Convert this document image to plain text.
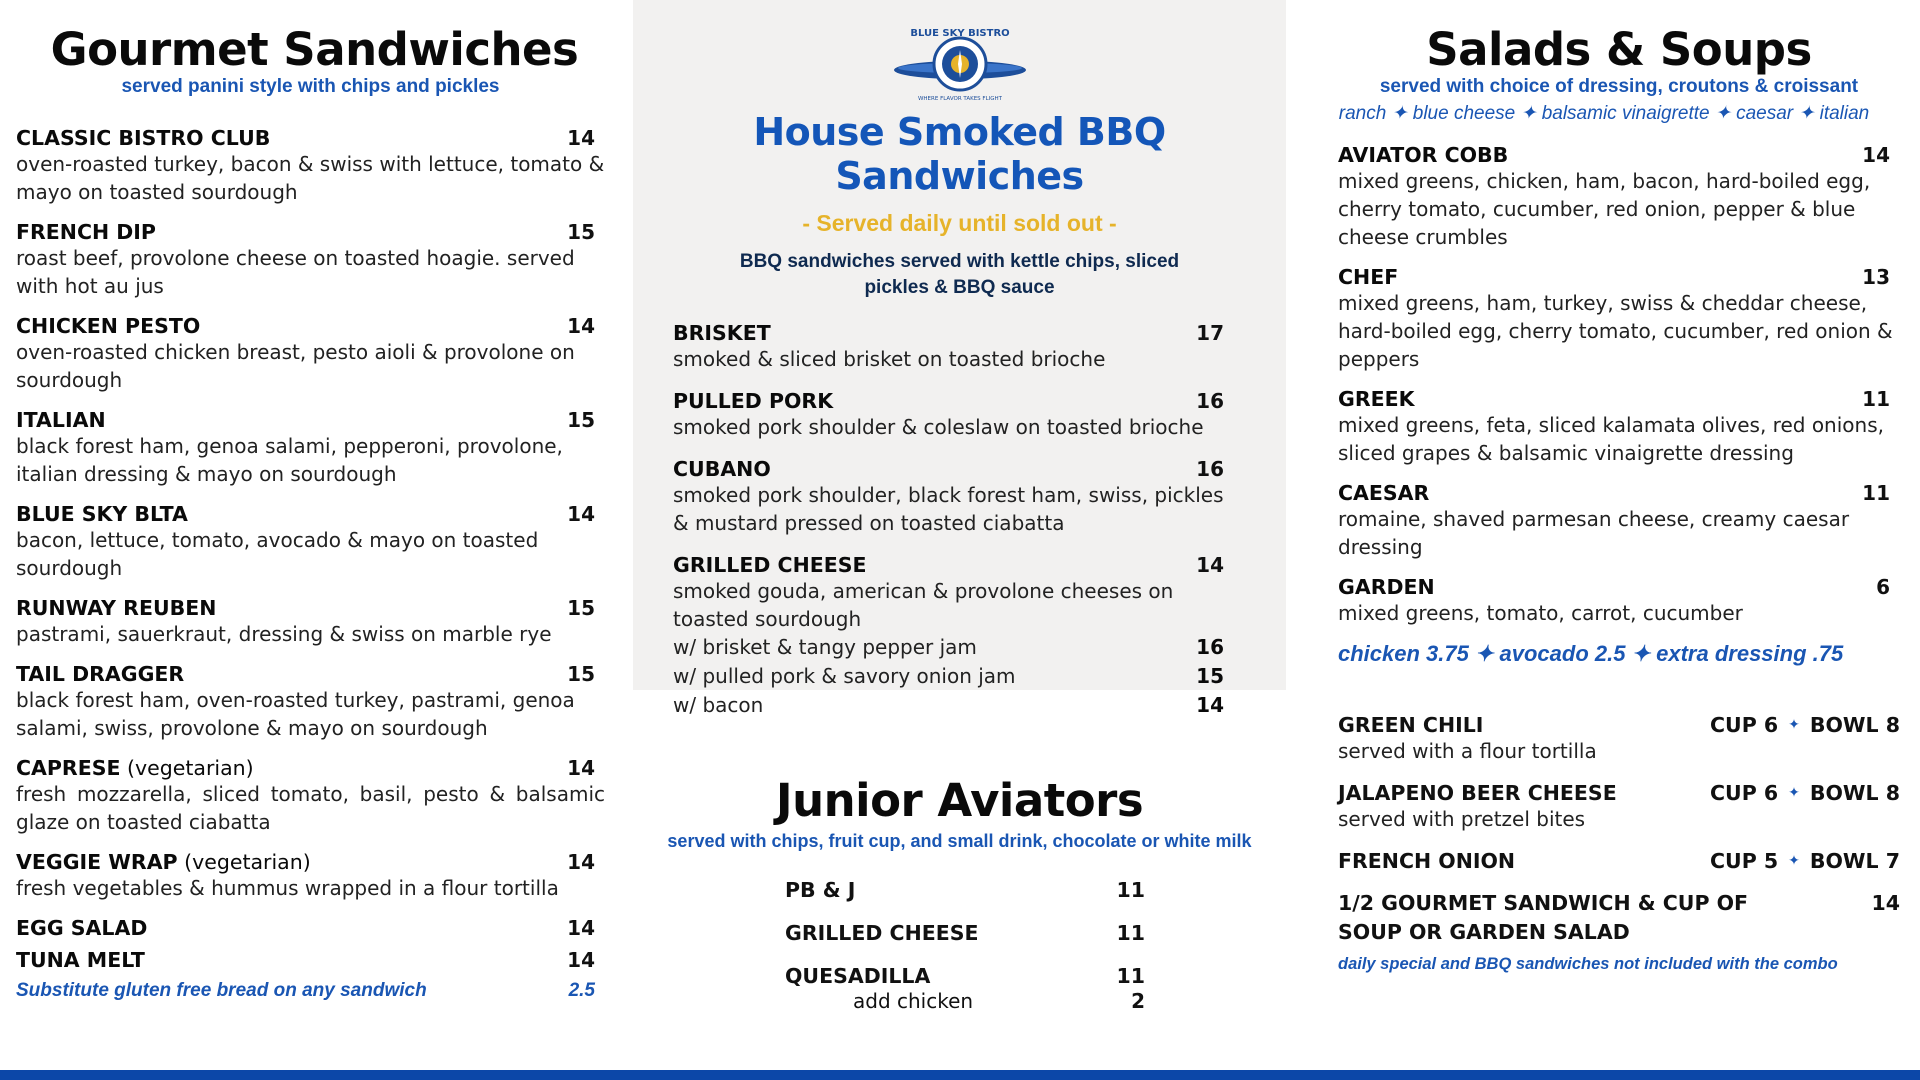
Gourmet Sandwiches
served panini style with chips and pickles
CLASSIC BISTRO CLUB	14
oven-roasted turkey, bacon & swiss with lettuce, tomato & mayo on toasted sourdough
FRENCH DIP	15
roast beef, provolone cheese on toasted hoagie. served with hot au jus
CHICKEN PESTO	14
oven-roasted chicken breast, pesto aioli & provolone on sourdough
ITALIAN	15
black forest ham, genoa salami, pepperoni, provolone, italian dressing & mayo on sourdough
BLUE SKY BLTA	14
bacon, lettuce, tomato, avocado & mayo on toasted sourdough
RUNWAY REUBEN	15
pastrami, sauerkraut, dressing & swiss on marble rye
TAIL DRAGGER	15
black forest ham, oven-roasted turkey, pastrami, genoa salami, swiss, provolone & mayo on sourdough
CAPRESE (vegetarian)	14
fresh mozzarella, sliced tomato, basil, pesto & balsamic glaze on toasted ciabatta
VEGGIE WRAP (vegetarian)	14
fresh vegetables & hummus wrapped in a flour tortilla
EGG SALAD	14
TUNA MELT	14
Substitute gluten free bread on any sandwich	2.5
BLUE SKY BISTRO
WHERE FLAVOR TAKES FLIGHT
House Smoked BBQ Sandwiches
- Served daily until sold out -
BBQ sandwiches served with kettle chips, sliced pickles & BBQ sauce
BRISKET	17
smoked & sliced brisket on toasted brioche
PULLED PORK	16
smoked pork shoulder & coleslaw on toasted brioche
CUBANO	16
smoked pork shoulder, black forest ham, swiss, pickles & mustard pressed on toasted ciabatta
GRILLED CHEESE	14
smoked gouda, american & provolone cheeses on toasted sourdough
w/ brisket & tangy pepper jam	16
w/ pulled pork & savory onion jam	15
w/ bacon	14
Junior Aviators
served with chips, fruit cup, and small drink, chocolate or white milk
PB & J	11
GRILLED CHEESE	11
QUESADILLA	11
add chicken	2
Salads & Soups
served with choice of dressing, croutons & croissant
ranch ✦ blue cheese ✦ balsamic vinaigrette ✦ caesar ✦ italian
AVIATOR COBB	14
mixed greens, chicken, ham, bacon, hard-boiled egg, cherry tomato, cucumber, red onion, pepper & blue cheese crumbles
CHEF	13
mixed greens, ham, turkey, swiss & cheddar cheese, hard-boiled egg, cherry tomato, cucumber, red onion & peppers
GREEK	11
mixed greens, feta, sliced kalamata olives, red onions, sliced grapes & balsamic vinaigrette dressing
CAESAR	11
romaine, shaved parmesan cheese, creamy caesar dressing
GARDEN	6
mixed greens, tomato, carrot, cucumber
chicken 3.75 ✦ avocado 2.5 ✦ extra dressing .75
GREEN CHILI	CUP 6 ✦ BOWL 8
served with a flour tortilla
JALAPENO BEER CHEESE	CUP 6 ✦ BOWL 8
served with pretzel bites
FRENCH ONION	CUP 5 ✦ BOWL 7
1/2 GOURMET SANDWICH & CUP OF SOUP OR GARDEN SALAD
14
daily special and BBQ sandwiches not included with the combo
